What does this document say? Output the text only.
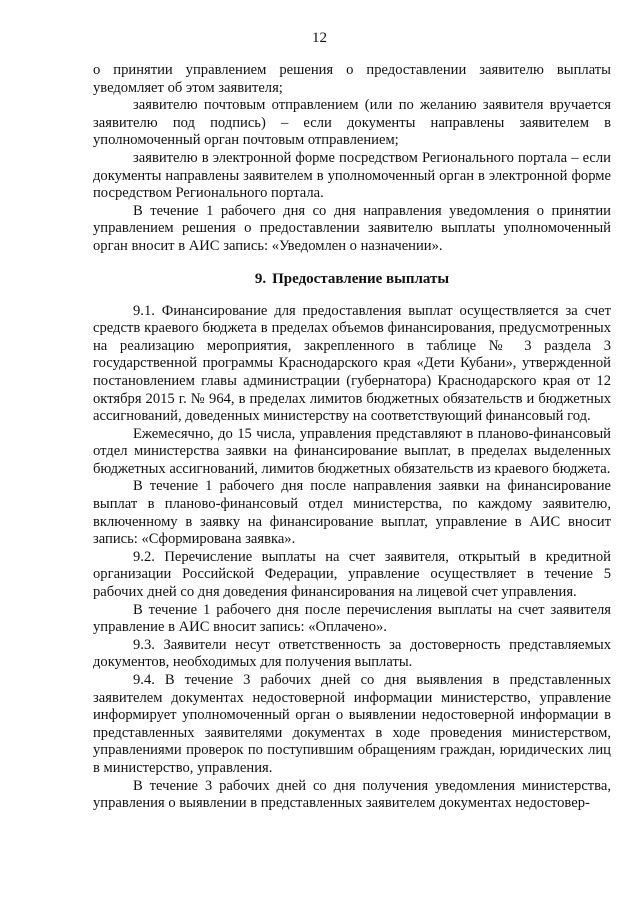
12

о принятии управлением решения о предоставлении заявителю выплаты уведомляет об этом заявителя;

заявителю почтовым отправлением (или по желанию заявителя вручается заявителю под подпись) – если документы направлены заявителем в уполномоченный орган почтовым отправлением;

заявителю в электронной форме посредством Регионального портала – если документы направлены заявителем в уполномоченный орган в электронной форме посредством Регионального портала.

В течение 1 рабочего дня со дня направления уведомления о принятии управлением решения о предоставлении заявителю выплаты уполномоченный орган вносит в АИС запись: «Уведомлен о назначении».

9. Предоставление выплаты

9.1. Финансирование для предоставления выплат осуществляется за счет средств краевого бюджета в пределах объемов финансирования, предусмотренных на реализацию мероприятия, закрепленного в таблице № 3 раздела 3 государственной программы Краснодарского края «Дети Кубани», утвержденной постановлением главы администрации (губернатора) Краснодарского края от 12 октября 2015 г. № 964, в пределах лимитов бюджетных обязательств и бюджетных ассигнований, доведенных министерству на соответствующий финансовый год.

Ежемесячно, до 15 числа, управления представляют в планово-финансовый отдел министерства заявки на финансирование выплат, в пределах выделенных бюджетных ассигнований, лимитов бюджетных обязательств из краевого бюджета.

В течение 1 рабочего дня после направления заявки на финансирование выплат в планово-финансовый отдел министерства, по каждому заявителю, включенному в заявку на финансирование выплат, управление в АИС вносит запись: «Сформирована заявка».

9.2. Перечисление выплаты на счет заявителя, открытый в кредитной организации Российской Федерации, управление осуществляет в течение 5 рабочих дней со дня доведения финансирования на лицевой счет управления.

В течение 1 рабочего дня после перечисления выплаты на счет заявителя управление в АИС вносит запись: «Оплачено».

9.3. Заявители несут ответственность за достоверность представляемых документов, необходимых для получения выплаты.

9.4. В течение 3 рабочих дней со дня выявления в представленных заявителем документах недостоверной информации министерство, управление информирует уполномоченный орган о выявлении недостоверной информации в представленных заявителями документах в ходе проведения министерством, управлениями проверок по поступившим обращениям граждан, юридических лиц в министерство, управления.

В течение 3 рабочих дней со дня получения уведомления министерства, управления о выявлении в представленных заявителем документах недостовер-
